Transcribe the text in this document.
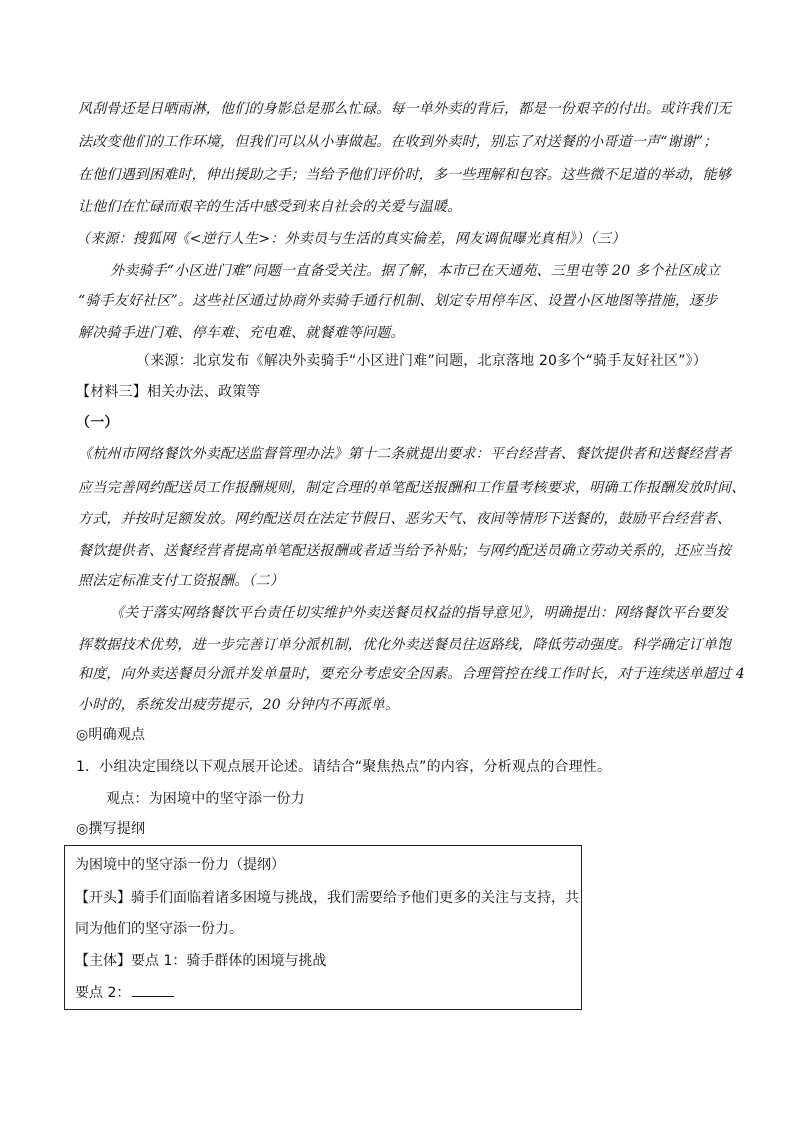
风刮骨还是日晒雨淋，他们的身影总是那么忙碌。每一单外卖的背后，都是一份艰辛的付出。或许我们无
法改变他们的工作环境，但我们可以从小事做起。在收到外卖时，别忘了对送餐的小哥道一声“谢谢”；
在他们遇到困难时，伸出援助之手；当给予他们评价时，多一些理解和包容。这些微不足道的举动，能够
让他们在忙碌而艰辛的生活中感受到来自社会的关爱与温暖。
（来源：搜狐网《<逆行人生>：外卖员与生活的真实倫差，网友调侃曝光真相》）（三）
外卖骑手“小区进门难”问题一直备受关注。据了解，本市已在天通苑、三里屯等 20 多个社区成立
“骑手友好社区”。这些社区通过协商外卖骑手通行机制、划定专用停车区、设置小区地图等措施，逐步
解决骑手进门难、停车难、充电难、就餐难等问题。
（来源：北京发布《解决外卖骑手“小区进门难”问题，北京落地 20多个“骑手友好社区”》）
【材料三】相关办法、政策等
（一）
《杭州市网络餐饮外卖配送监督管理办法》第十二条就提出要求：平台经营者、餐饮提供者和送餐经营者
应当完善网约配送员工作报酬规则，制定合理的单笔配送报酬和工作量考核要求，明确工作报酬发放时间、
方式，并按时足额发放。网约配送员在法定节假日、恶劣天气、夜间等情形下送餐的，鼓励平台经营者、
餐饮提供者、送餐经营者提高单笔配送报酬或者适当给予补贴；与网约配送员确立劳动关系的，还应当按
照法定标准支付工资报酬。（二）
《关于落实网络餐饮平台责任切实维护外卖送餐员权益的指导意见》，明确提出：网络餐饮平台要发
挥数据技术优势，进一步完善订单分派机制，优化外卖送餐员往返路线，降低劳动强度。科学确定订单饱
和度，向外卖送餐员分派并发单量时，要充分考虑安全因素。合理管控在线工作时长，对于连续送单超过 4
小时的，系统发出疲劳提示，20 分钟内不再派单。
◎明确观点
1．小组决定围绕以下观点展开论述。请结合“聚焦热点”的内容，分析观点的合理性。
观点：为困境中的坚守添一份力
◎撰写提纲
为困境中的坚守添一份力（提纲）
【开头】骑手们面临着诸多困境与挑战，我们需要给予他们更多的关注与支持，共
同为他们的坚守添一份力。
【主体】要点 1：骑手群体的困境与挑战
要点 2：
